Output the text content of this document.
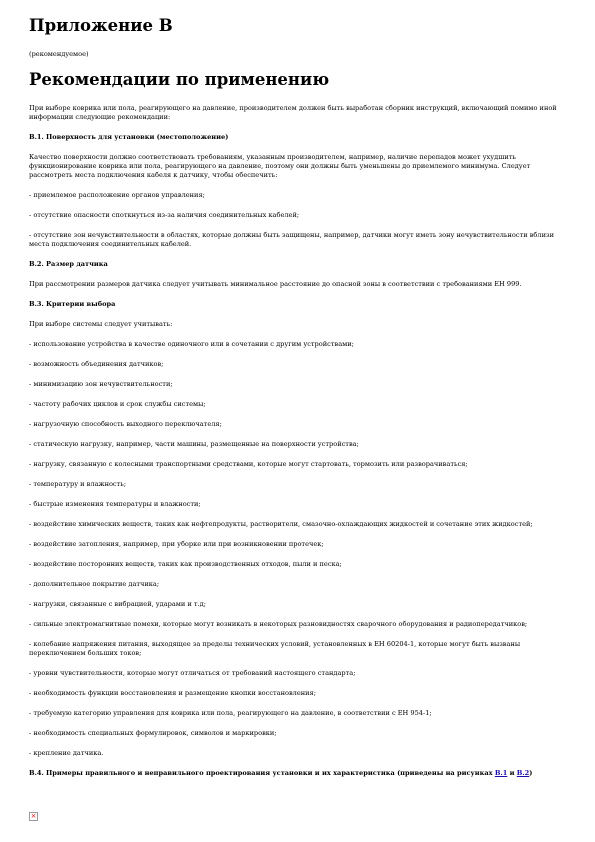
Приложение В

(рекомендуемое)

Рекомендации по применению

При выборе коврика или пола, реагирующего на давление, производителем должен быть выработан сборник инструкций, включающий помимо иной информации следующие рекомендации:

В.1. Поверхность для установки (местоположение)

Качество поверхности должно соответствовать требованиям, указанным производителем, например, наличие перепадов может ухудшить функционирование коврика или пола, реагирующего на давление, поэтому они должны быть уменьшены до приемлемого минимума. Следует рассмотреть места подключения кабеля к датчику, чтобы обеспечить:

- приемлемое расположение органов управления;

- отсутствие опасности споткнуться из-за наличия соединительных кабелей;

- отсутствие зон нечувствительности в областях, которые должны быть защищены, например, датчики могут иметь зону нечувствительности вблизи места подключения соединительных кабелей.

В.2. Размер датчика

При рассмотрении размеров датчика следует учитывать минимальное расстояние до опасной зоны в соответствии с требованиями ЕН 999.

В.3. Критерии выбора

При выборе системы следует учитывать:

- использование устройства в качестве одиночного или в сочетании с другим устройствами;

- возможность объединения датчиков;

- минимизацию зон нечувствительности;

- частоту рабочих циклов и срок службы системы;

- нагрузочную способность выходного переключателя;

- статическую нагрузку, например, части машины, размещенные на поверхности устройства;

- нагрузку, связанную с колесными транспортными средствами, которые могут стартовать, тормозить или разворачиваться;

- температуру и влажность;

- быстрые изменения температуры и влажности;

- воздействие химических веществ, таких как нефтепродукты, растворители, смазочно-охлаждающих жидкостей и сочетание этих жидкостей;

- воздействие затопления, например, при уборке или при возникновении протечек;

- воздействие посторонних веществ, таких как производственных отходов, пыли и песка;

- дополнительное покрытие датчика;

- нагрузки, связанные с вибрацией, ударами и т.д;

- сильные электромагнитные помехи, которые могут возникать в некоторых разновидностях сварочного оборудования и радиопередатчиков;

- колебание напряжения питания, выходящее за пределы технических условий, установленных в ЕН 60204-1, которые могут быть вызваны переключением больших токов;

- уровни чувствительности, которые могут отличаться от требований настоящего стандарта;

- необходимость функции восстановления и размещение кнопки восстановления;

- требуемую категорию управления для коврика или пола, реагирующего на давление, в соответствии с ЕН 954-1;

- необходимость специальных формулировок, символов и маркировки;

- крепление датчика.

В.4. Примеры правильного и неправильного проектирования установки и их характеристика (приведены на рисунках В.1 и В.2)

×
